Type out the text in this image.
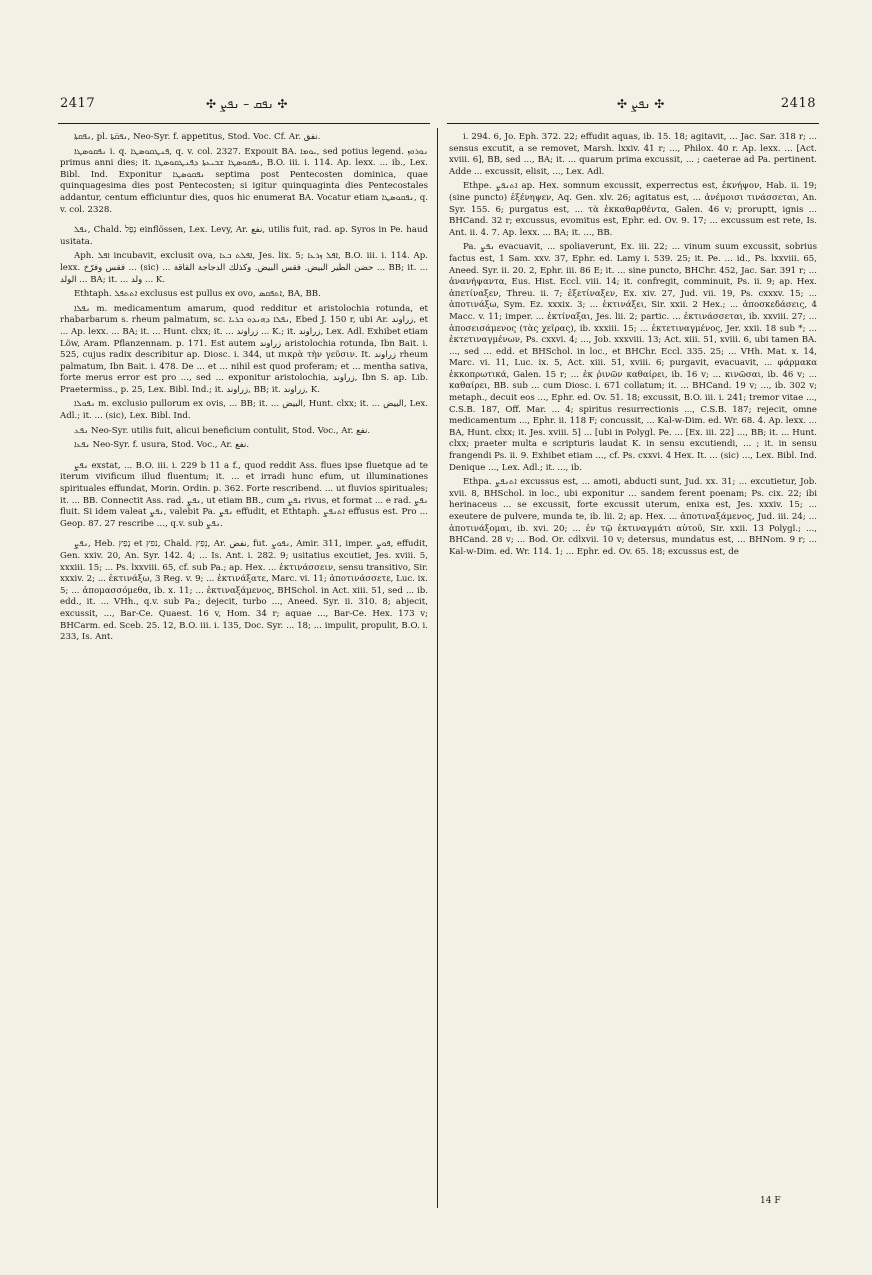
2417	✣ ܢܦܩ – ܢܦܨ ✣	✣ ܢܦܨ ✣	2418

ܢܦܩܬܐ, pl. ܢܦܩ̈ܬܐ, Neo-Syr. f. appetitus, Stod. Voc. Cf. Ar. نفق.

ܢܦܩܘܣܛܐ i. q. ܦܢܛܩܘܣܛܐ, q. v. col. 2327. Expouit BA. ܝܘܡܐ, sed potius legend. ܢܘܪܘܙ primus anni dies; it. ܢܦܩܘܣܛܐ ܫܒܝܥܬܐ ܕܦܢܛܩܘܣܛܐ, B.O. iii. i. 114. Ap. lexx. ... ib., Lex. Bibl. Ind. Exponitur ܢܦܩܘܣܛܐ septima post Pentecosten dominica, quae quinquagesima dies post Pentecosten; si igitur quinquaginta dies Pentecostales addantur, centum efficiuntur dies, quos hic enumerat BA. Vocatur etiam ܢܦܩܘܣܛܐ, q. v. col. 2328.

ܢܦܠ, Chald. נְפַל einflössen, Lex. Levy, Ar. نفع, utilis fuit, rad. ap. Syros in Pe. haud usitata.

Aph. ܐܦܠ incubavit, exclusit ova, ܐܦܠܬ ܒܥܐ, Jes. lix. 5; ܐܦܠ ܙܪܥܐ, B.O. iii. i. 114. Ap. lexx. فقس وفرّخ ... (sic) ... حضن الطير البيض. فقس البيض. وكذلك الدجاجة القاقة ... BB; it. ... الولد ... BA; it. ... ولد ... K.

Ethtaph. ܐܬܬܦܠ exclusus est pullus ex ovo, ܐܬܦܩܣ, BA, BB.

ܢܦܠܐ m. medicamentum amarum, quod redditur et aristolochia rotunda, et rhabarbarum s. rheum palmatum, sc. ܢܦܠܐ ܕܗܢܕܘ ܒܪܝܐ, Ebed J. 150 r, ubi Ar. زراوند, et ... Ap. lexx. ... BA; it. ... Hunt. clxx; it. ... زراوند ... K.; it. زراوند, Lex. Adl. Exhibet etiam Löw, Aram. Pflanzennam. p. 171. Est autem زراوند aristolochia rotunda, Ibn Bait. i. 525, cujus radix describitur ap. Diosc. i. 344, ut πικρὰ τὴν γεῦσιν. It. زراوند rheum palmatum, Ibn Bait. i. 478. De ... et ... nihil est quod proferam; et ... mentha sativa, forte merus error est pro ..., sed ... exponitur aristolochia, زراوند, Ibn S. ap. Lib. Praetermiss., p. 25, Lex. Bibl. Ind.; it. زراوند, BB; it. زراوند, K.

ܢܦܘܠܐ m. exclusio pullorum ex ovis, ... BB; it. ... البيض, Hunt. clxx; it. ... البيض, Lex. Adl.; it. ... (sic), Lex. Bibl. Ind.

ܢܦܥ Neo-Syr. utilis fuit, alicui beneficium contulit, Stod. Voc., Ar. نفع.

ܢܦܥܐ Neo-Syr. f. usura, Stod. Voc., Ar. نفع.

ܢܦܨ exstat, ... B.O. iii. i. 229 b 11 a f., quod reddit Ass. flues ipse fluetque ad te iterum vivificum illud fluentum; it. ... et irradi hunc efum, ut illuminationes spirituales effundat, Morin. Ordin. p. 362. Forte rescribend. ... ut fluvios spirituales; it. ... BB. Connectit Ass. rad. ܢܦܨ, ut etiam BB., cum ܢܦܨ rivus, et format ... e rad. ܢܦܨ fluit. Si idem valeat ܢܦܨ, valebit Pa. ܢܦܨ effudit, et Ethtaph. ܐܬܢܦܨ effusus est. Pro ... Geop. 87. 27 rescribe ..., q.v. sub ܢܦܨ.

ܢܦܨ, Heb. נָפַץ et נפץ, Chald. נְפַץ, Ar. نفض, fut. ܢܦܘܨ, Amir. 311, imper. ܦܘܨ, effudit, Gen. xxiv. 20, An. Syr. 142. 4; ... Is. Ant. i. 282. 9; usitatius excutiet, Jes. xviii. 5, xxxiii. 15; ... Ps. lxxviii. 65, cf. sub Pa.; ap. Hex. ... ἐκτινάσσειν, sensu transitivo, Sir. xxxiv. 2; ... ἐκτινάξω, 3 Reg. v. 9; ... ἐκτινάξατε, Marc. vi. 11; ἀποτινάσσετε, Luc. ix. 5; ... ἀπομασσόμεθα, ib. x. 11; ... ἐκτιναξάμενος, BHSchol. in Act. xiii. 51, sed ... ib. edd., it. ... VHh., q.v. sub Pa.; dejecit, turbo ..., Aneed. Syr. ii. 310. 8; abjecit, excussit, ..., Bar-Ce. Quaest. 16 v, Hom. 34 r; aquae ..., Bar-Ce. Hex. 173 v; BHCarm. ed. Sceb. 25. 12, B.O. iii. i. 135, Doc. Syr. ... 18; ... impulit, propulit, B.O. i. 233, Is. Ant.

i. 294. 6, Jo. Eph. 372. 22; effudit aquas, ib. 15. 18; agitavit, ... Jac. Sar. 318 r; ... sensus excutit, a se removet, Marsh. lxxiv. 41 r; ..., Philox. 40 r. Ap. lexx. ... [Act. xviii. 6], BB, sed ..., BA; it. ... quarum prima excussit, ... ; caeterae ad Pa. pertinent. Adde ... excussit, elisit, ..., Lex. Adl.

Ethpe. ܐܬܢܦܨ ap. Hex. somnum excussit, experrectus est, ἐκνήψον, Hab. ii. 19; (sine puncto) ἐξένηψεν, Aq. Gen. xlv. 26; agitatus est, ... ἀνέμοισι τινάσσεται, An. Syr. 155. 6; purgatus est, ... τὰ ἐκκαθαρθέντα, Galen. 46 v; proruptt, ignis ... BHCand. 32 r; excussus, evomitus est, Ephr. ed. Ov. 9. 17; ... excussum est rete, Is. Ant. ii. 4. 7. Ap. lexx. ... BA; it. ..., BB.

Pa. ܢܦܨ evacuavit, ... spoliaverunt, Ex. iii. 22; ... vinum suum excussit, sobrius factus est, 1 Sam. xxv. 37, Ephr. ed. Lamy i. 539. 25; it. Pe. ... id., Ps. lxxviii. 65, Aneed. Syr. ii. 20. 2, Ephr. iii. 86 E; it. ... sine puncto, BHChr. 452, Jac. Sar. 391 r; ... ἀνανήψαντα, Eus. Hist. Eccl. viii. 14; it. confregit, comminuit, Ps. ii. 9; ap. Hex. ἀπετίναξεν, Threu. ii. 7; ἐξετίναξεν, Ex. xiv. 27, Jud. vii. 19, Ps. cxxxv. 15; ... ἀποτινάξω, Sym. Ez. xxxix. 3; ... ἐκτινάξει, Sir. xxii. 2 Hex.; ... ἀποσκεδάσεις, 4 Macc. v. 11; imper. ... ἐκτίναξαι, Jes. lii. 2; partic. ... ἐκτινάσσεται, ib. xxviii. 27; ... ἀποσεισάμενος (τὰς χεῖρας), ib. xxxiii. 15; ... ἐκτετιναγμένος, Jer. xxii. 18 sub *; ... ἐκτετιναγμένων, Ps. cxxvi. 4; ..., Job. xxxviii. 13; Act. xiii. 51, xviii. 6, ubi tamen BA. ..., sed ... edd. et BHSchol. in loc., et BHChr. Eccl. 335. 25; ... VHh. Mat. x. 14, Marc. vi. 11, Luc. ix. 5, Act. xiii. 51, xviii. 6; purgavit, evacuavit, ... φάρμακα ἐκκοπρωτικά, Galen. 15 r; ... ἐκ ῥινῶν καθαίρει, ib. 16 v; ... κινῶσαι, ib. 46 v; ... καθαίρει, BB. sub ... cum Diosc. i. 671 collatum; it. ... BHCand. 19 v; ..., ib. 302 v; metaph., decuit eos ..., Ephr. ed. Ov. 51. 18; excussit, B.O. iii. i. 241; tremor vitae ..., C.S.B. 187, Off. Mar. ... 4; spiritus resurrectionis ..., C.S.B. 187; rejecit, omne medicamentum ..., Ephr. ii. 118 F; concussit, ... Kal-w-Dim. ed. Wr. 68. 4. Ap. lexx. ... BA, Hunt. clxx; it. Jes. xviii. 5] ... [ubi in Polygl. Pe. ... [Ex. iii. 22] ..., BB; it. ... Hunt. clxx; praeter multa e scripturis laudat K. in sensu excutiendi, ... ; it. in sensu frangendi Ps. ii. 9. Exhibet etiam ..., cf. Ps. cxxvi. 4 Hex. It. ... (sic) ..., Lex. Bibl. Ind. Denique ..., Lex. Adl.; it. ..., ib.

Ethpa. ܐܬܢܦܨ excussus est, ... amoti, abducti sunt, Jud. xx. 31; ... excutietur, Job. xvii. 8, BHSchol. in loc., ubi exponitur ... sandem ferent poenam; Ps. cix. 22; ibi herinaceus ... se excussit, forte excussit uterum, enixa est, Jes. xxxiv. 15; ... exeutere de pulvere, munda te, ib. lii. 2; ap. Hex. ... ἀποτιναξάμενος, Jud. iii. 24; ... ἀποτινάξομαι, ib. xvi. 20; ... ἐν τῷ ἐκτιναγμάτι αὐτοῦ, Sir. xxii. 13 Polygl.; ..., BHCand. 28 v; ... Bod. Or. cdlxvii. 10 v; detersus, mundatus est, ... BHNom. 9 r; ... Kal-w-Dim. ed. Wr. 114. 1; ... Ephr. ed. Ov. 65. 18; excussus est, de

14 F
